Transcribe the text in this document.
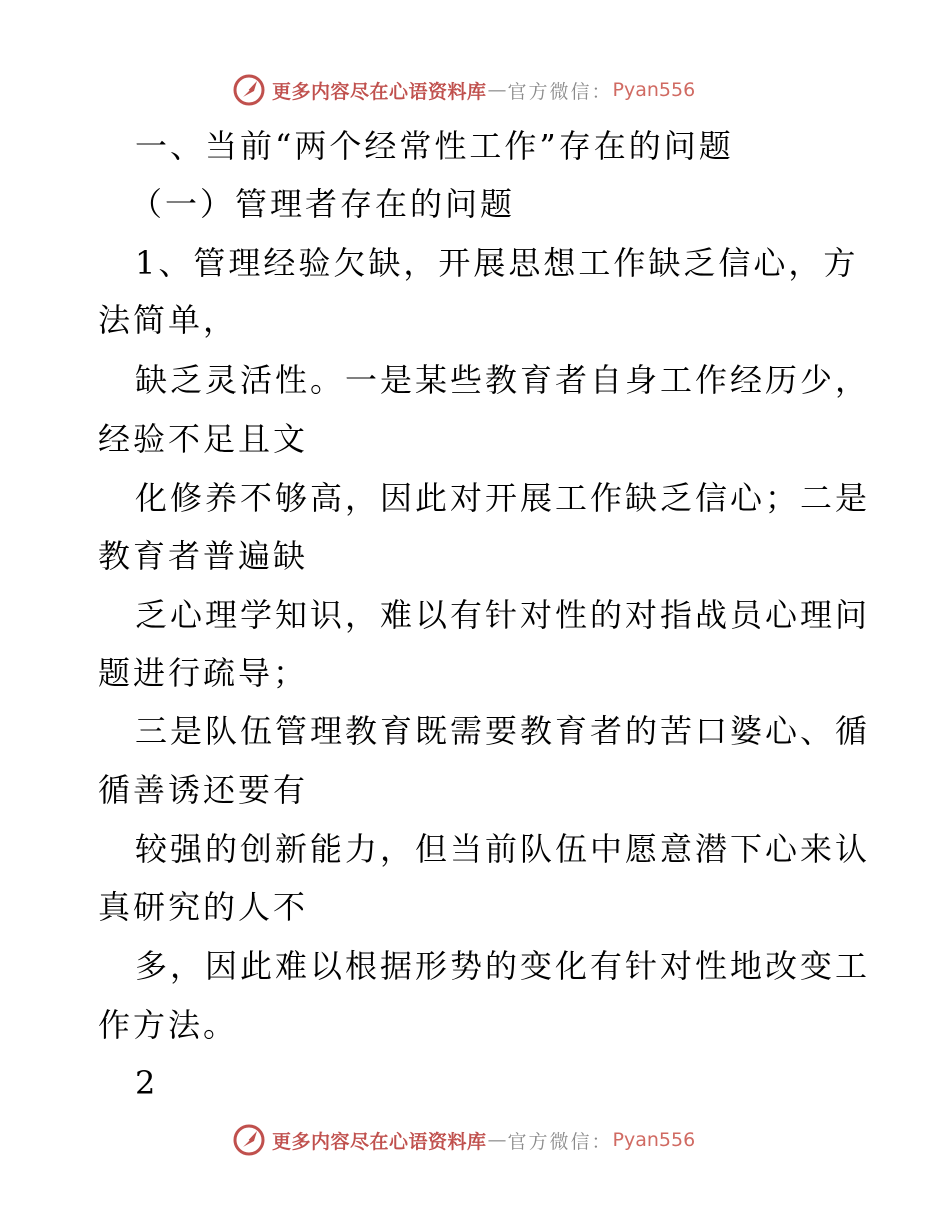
更多内容尽在心语资料库 — 官方微信： Pyan556
一、当前“两个经常性工作”存在的问题
（一）管理者存在的问题
1、管理经验欠缺，开展思想工作缺乏信心，方
法简单，
缺乏灵活性。一是某些教育者自身工作经历少，
经验不足且文
化修养不够高，因此对开展工作缺乏信心；二是
教育者普遍缺
乏心理学知识，难以有针对性的对指战员心理问
题进行疏导；
三是队伍管理教育既需要教育者的苦口婆心、循
循善诱还要有
较强的创新能力，但当前队伍中愿意潜下心来认
真研究的人不
多，因此难以根据形势的变化有针对性地改变工
作方法。
2
更多内容尽在心语资料库 — 官方微信： Pyan556
